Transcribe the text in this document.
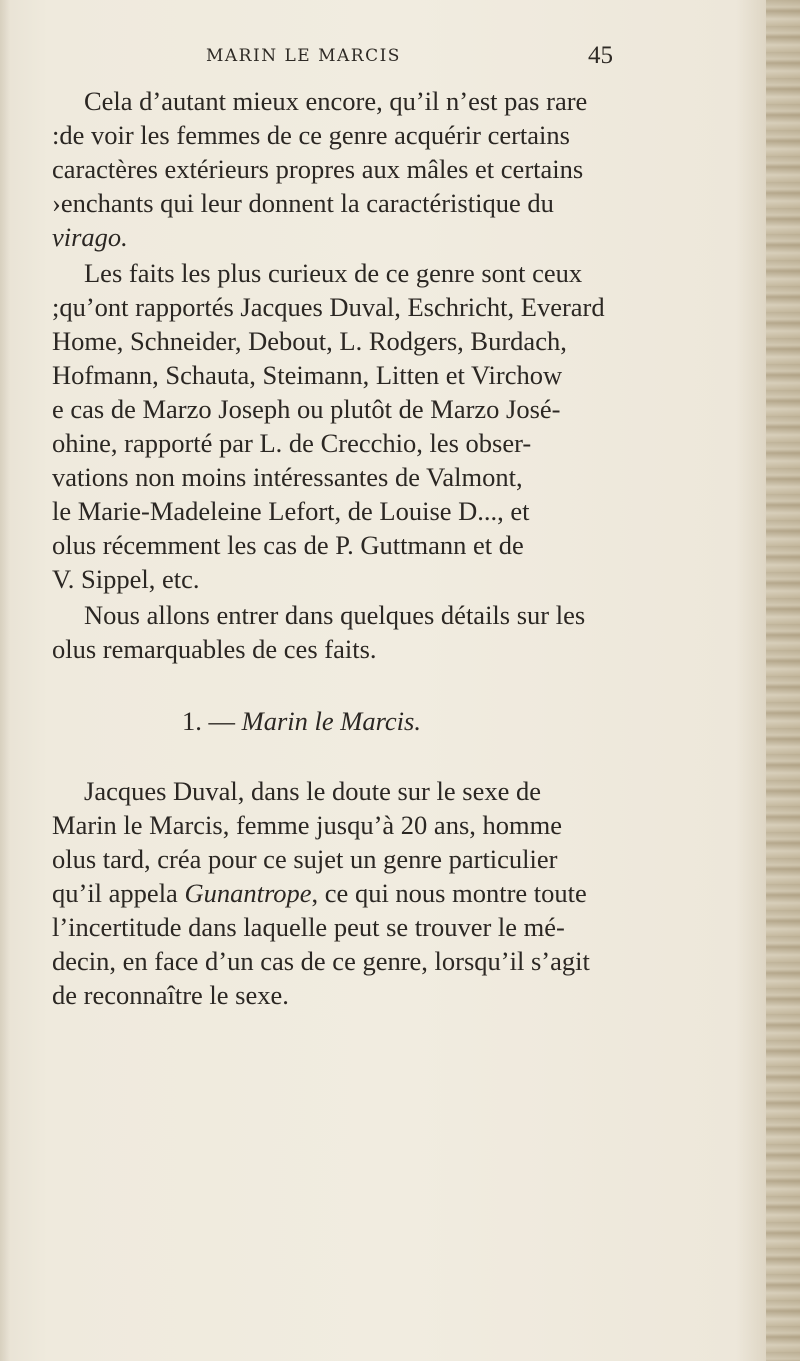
MARIN LE MARCIS	45
Cela d’autant mieux encore, qu’il n’est pas rare
:de voir les femmes de ce genre acquérir certains
caractères extérieurs propres aux mâles et certains
›enchants qui leur donnent la caractéristique du
virago.
Les faits les plus curieux de ce genre sont ceux
;qu’ont rapportés Jacques Duval, Eschricht, Everard
Home, Schneider, Debout, L. Rodgers, Burdach,
Hofmann, Schauta, Steimann, Litten et Virchow
e cas de Marzo Joseph ou plutôt de Marzo José-
ohine, rapporté par L. de Crecchio, les obser-
vations non moins intéressantes de Valmont,
le Marie-Madeleine Lefort, de Louise D..., et
olus récemment les cas de P. Guttmann et de
V. Sippel, etc.
Nous allons entrer dans quelques détails sur les
olus remarquables de ces faits.
1. — Marin le Marcis.
Jacques Duval, dans le doute sur le sexe de
Marin le Marcis, femme jusqu’à 20 ans, homme
olus tard, créa pour ce sujet un genre particulier
qu’il appela Gunantrope, ce qui nous montre toute
l’incertitude dans laquelle peut se trouver le mé-
decin, en face d’un cas de ce genre, lorsqu’il s’agit
de reconnaître le sexe.
